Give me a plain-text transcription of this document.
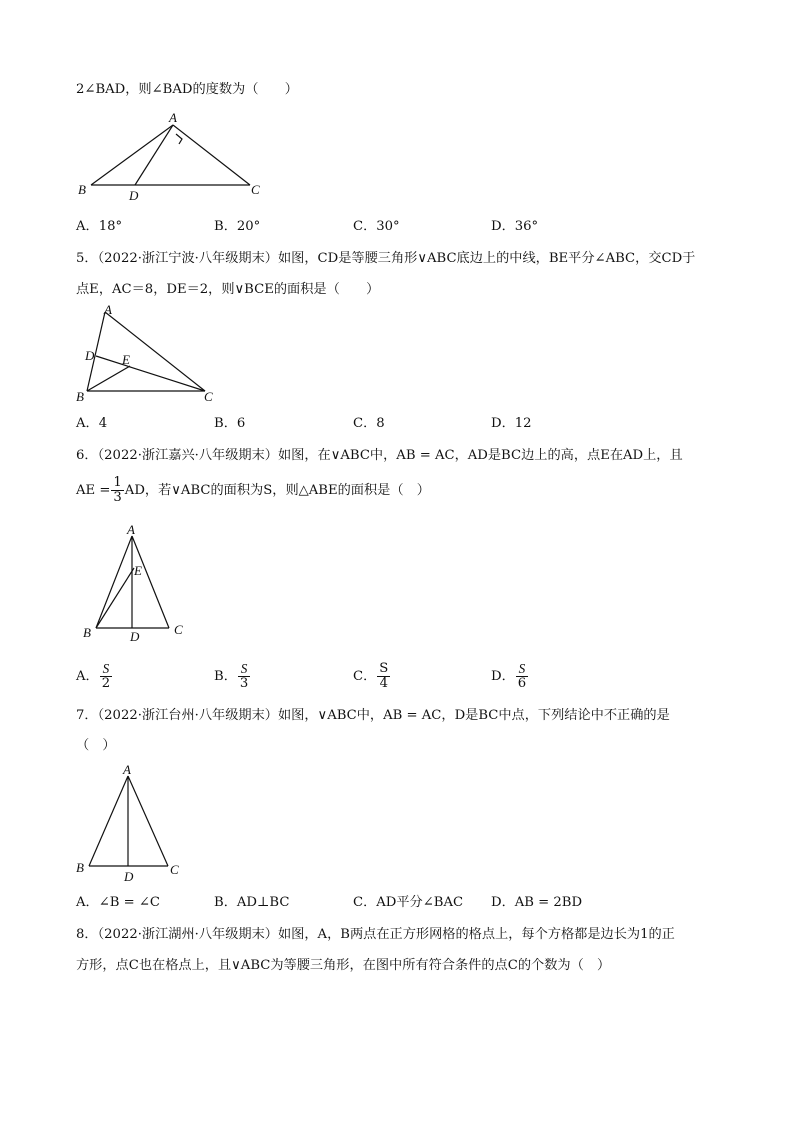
2∠BAD，则∠BAD的度数为（　　）
A
B	D	C
A．18°	B．20°	C．30°	D．36°
5．（2022·浙江宁波·八年级期末）如图，CD是等腰三角形∨ABC底边上的中线，BE平分∠ABC，交CD于
点E，AC＝8，DE＝2，则∨BCE的面积是（　　）
A
D E
B	C
A．4	B．6	C．8	D．12
6．（2022·浙江嘉兴·八年级期末）如图，在∨ABC中，AB = AC，AD是BC边上的高，点E在AD上，且
AE = $\frac{1}{3}$ AD，若∨ABC的面积为S，则△ABE的面积是（　）
A
E
B	D	C
A． $\frac{S}{2}$	B． $\frac{S}{3}$	C． $\frac{S}{4}$	D． $\frac{S}{6}$
7．（2022·浙江台州·八年级期末）如图，∨ABC中，AB = AC，D是BC中点，下列结论中不正确的是
（　）
A
B
D	C
A．∠B = ∠C	B．AD⊥BC	C．AD平分∠BAC D．AB = 2BD
8．（2022·浙江湖州·八年级期末）如图，A，B两点在正方形网格的格点上，每个方格都是边长为1的正
方形，点C也在格点上，且∨ABC为等腰三角形，在图中所有符合条件的点C的个数为（　）
